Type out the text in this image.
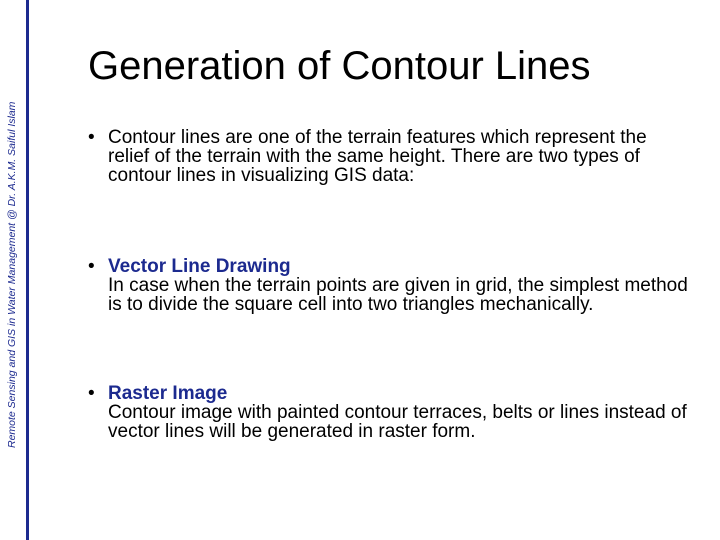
Remote Sensing and GIS in Water Management @ Dr. A.K.M. Saiful Islam
Generation of Contour Lines
• Contour lines are one of the terrain features which represent the relief of the terrain with the same height. There are two types of contour lines in visualizing GIS data:
• Vector Line Drawing
In case when the terrain points are given in grid, the simplest method is to divide the square cell into two triangles mechanically.
• Raster Image
Contour image with painted contour terraces, belts or lines instead of vector lines will be generated in raster form.
